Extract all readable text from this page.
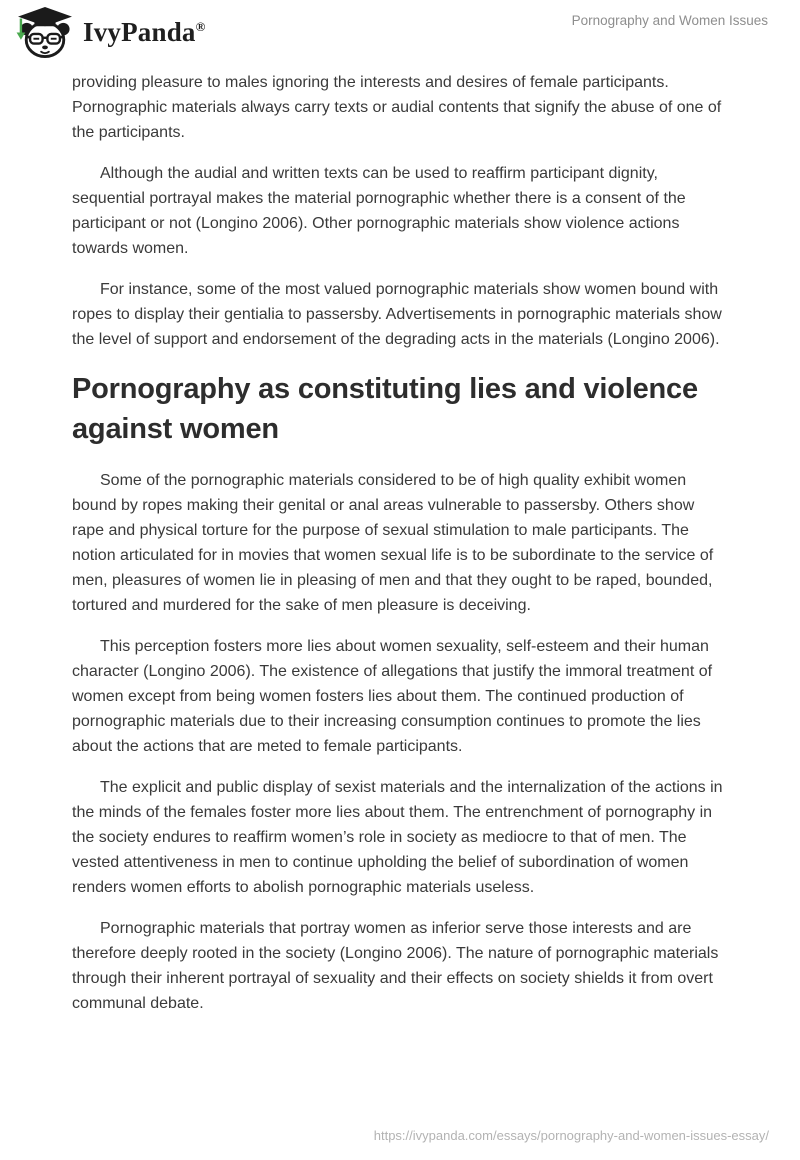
IvyPanda®	Pornography and Women Issues

providing pleasure to males ignoring the interests and desires of female participants. Pornographic materials always carry texts or audial contents that signify the abuse of one of the participants.

Although the audial and written texts can be used to reaffirm participant dignity, sequential portrayal makes the material pornographic whether there is a consent of the participant or not (Longino 2006). Other pornographic materials show violence actions towards women.

For instance, some of the most valued pornographic materials show women bound with ropes to display their gentialia to passersby. Advertisements in pornographic materials show the level of support and endorsement of the degrading acts in the materials (Longino 2006).

Pornography as constituting lies and violence against women

Some of the pornographic materials considered to be of high quality exhibit women bound by ropes making their genital or anal areas vulnerable to passersby. Others show rape and physical torture for the purpose of sexual stimulation to male participants. The notion articulated for in movies that women sexual life is to be subordinate to the service of men, pleasures of women lie in pleasing of men and that they ought to be raped, bounded, tortured and murdered for the sake of men pleasure is deceiving.

This perception fosters more lies about women sexuality, self-esteem and their human character (Longino 2006). The existence of allegations that justify the immoral treatment of women except from being women fosters lies about them. The continued production of pornographic materials due to their increasing consumption continues to promote the lies about the actions that are meted to female participants.

The explicit and public display of sexist materials and the internalization of the actions in the minds of the females foster more lies about them. The entrenchment of pornography in the society endures to reaffirm women’s role in society as mediocre to that of men. The vested attentiveness in men to continue upholding the belief of subordination of women renders women efforts to abolish pornographic materials useless.

Pornographic materials that portray women as inferior serve those interests and are therefore deeply rooted in the society (Longino 2006). The nature of pornographic materials through their inherent portrayal of sexuality and their effects on society shields it from overt communal debate.

https://ivypanda.com/essays/pornography-and-women-issues-essay/
